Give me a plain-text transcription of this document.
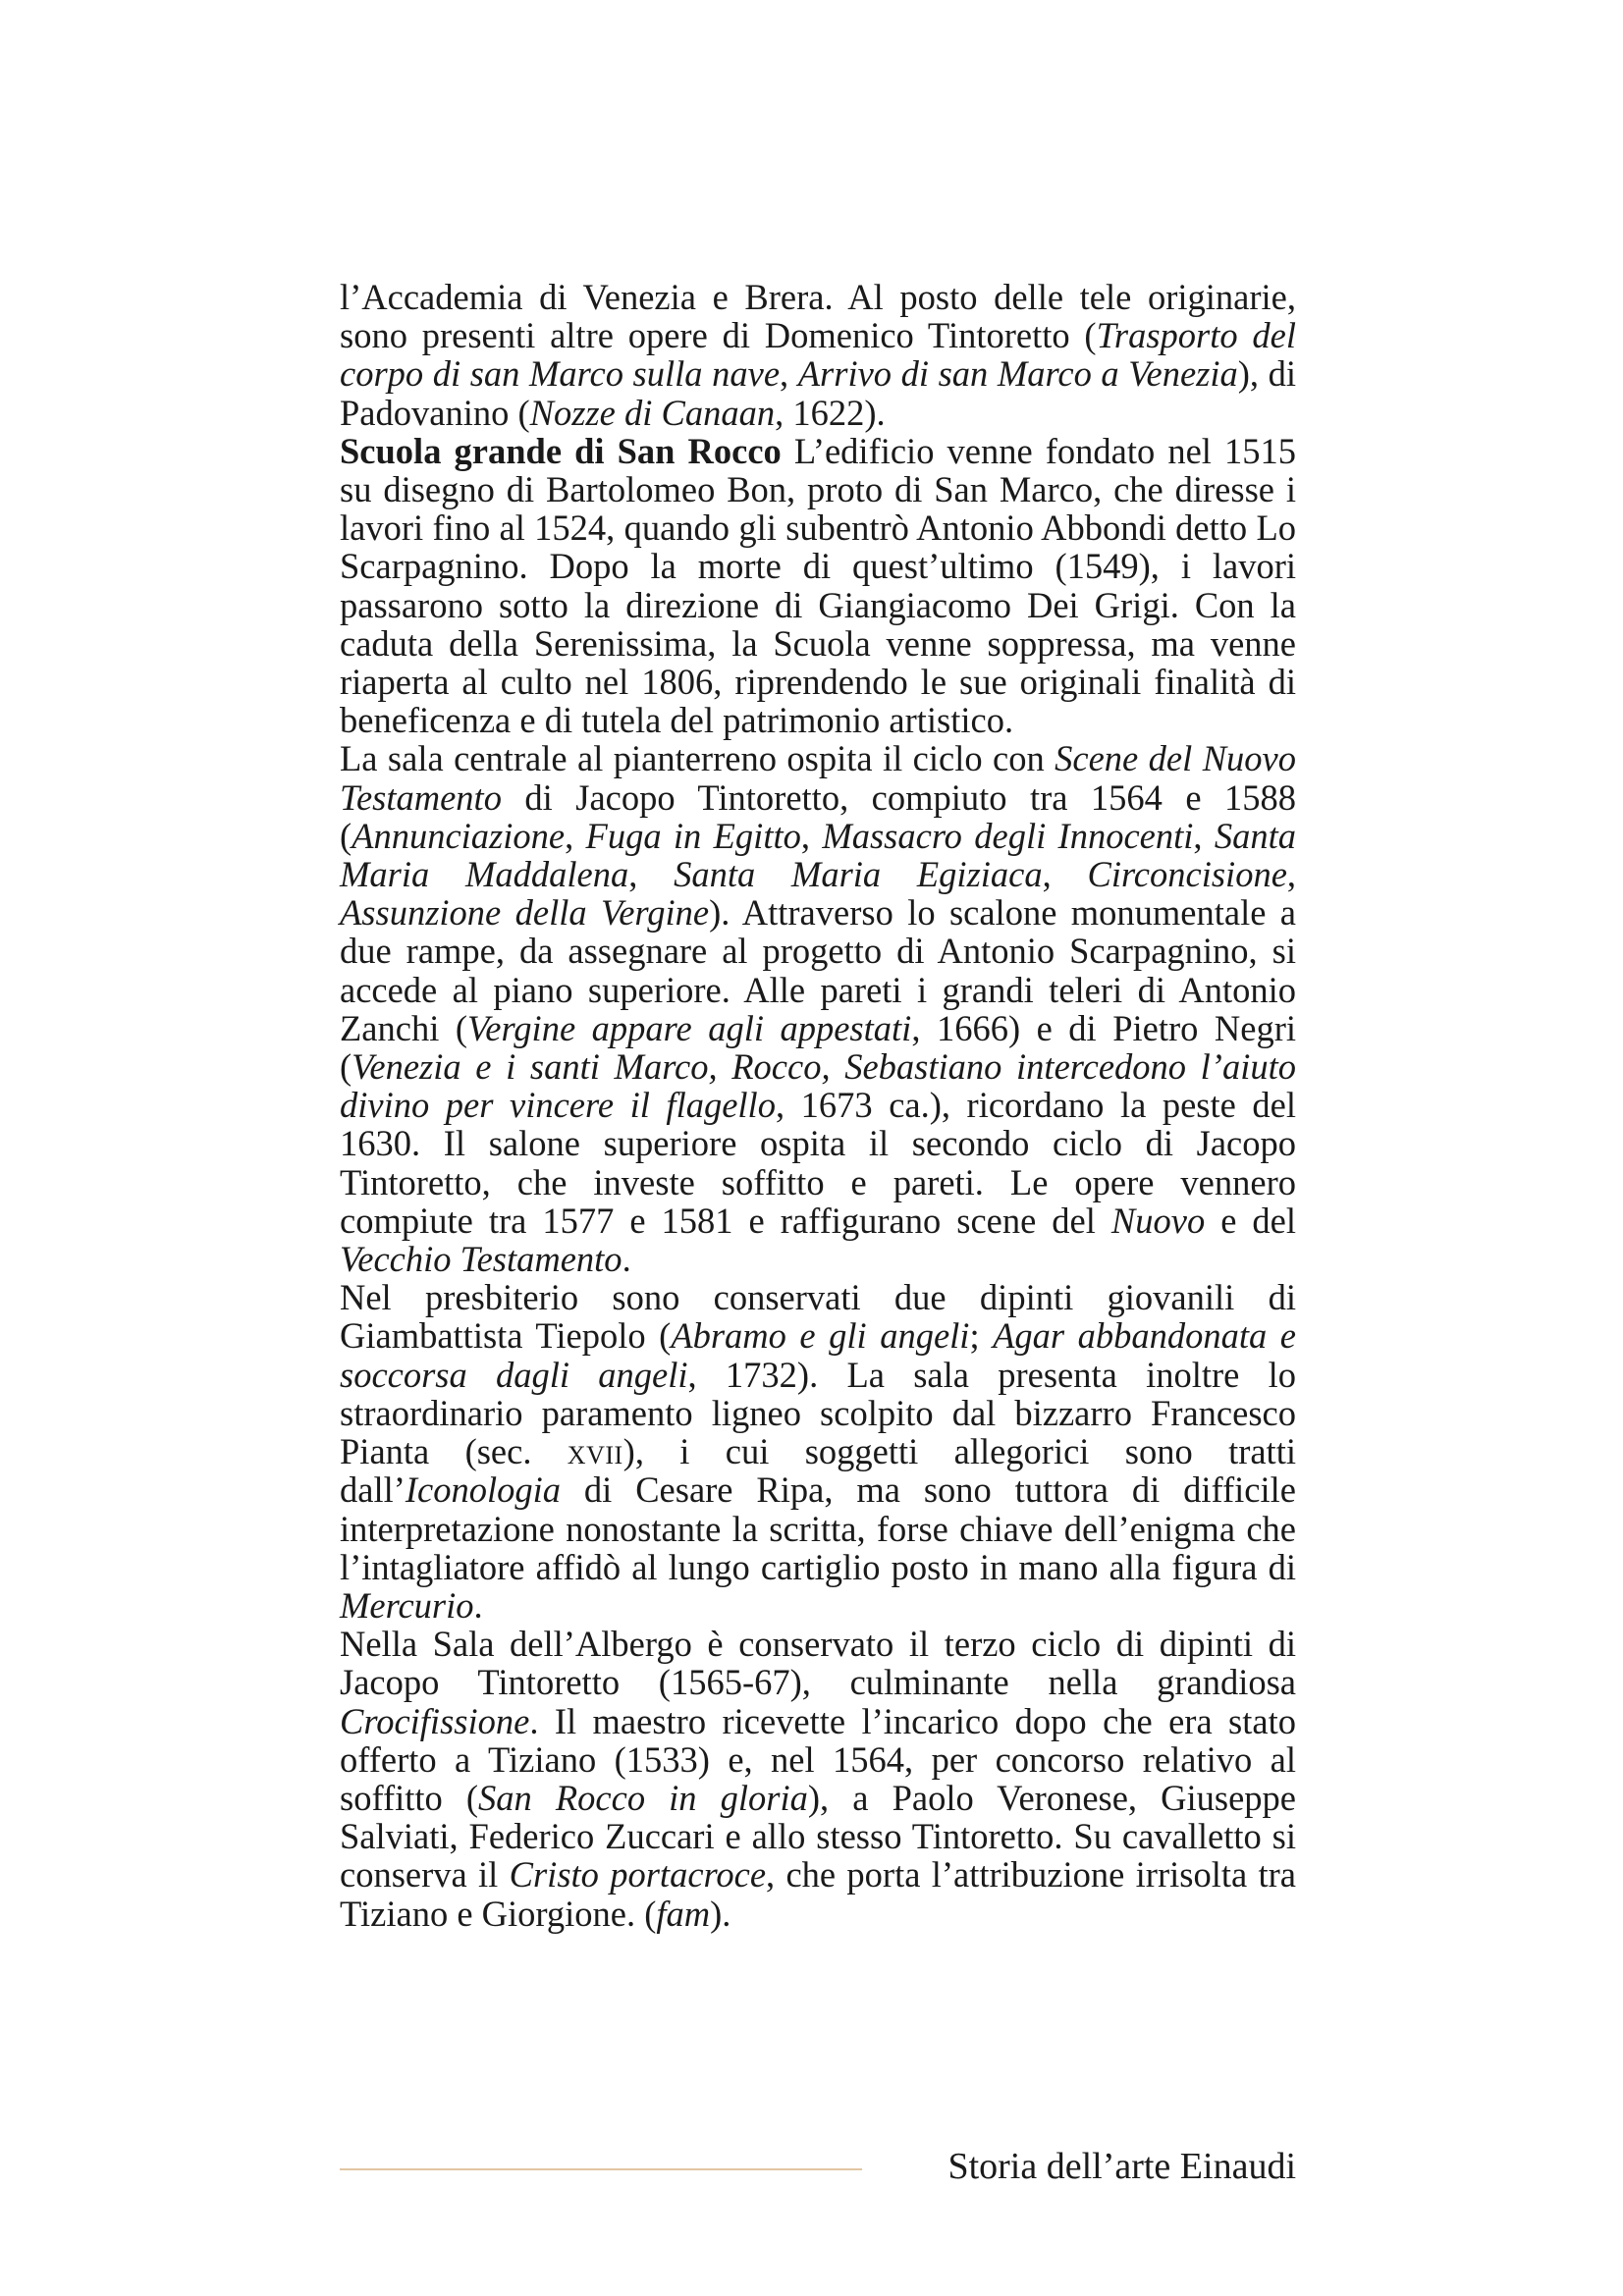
l’Accademia di Venezia e Brera. Al posto delle tele originarie, sono presenti altre opere di Domenico Tintoretto (Trasporto del corpo di san Marco sulla nave, Arrivo di san Marco a Venezia), di Padovanino (Nozze di Canaan, 1622).

Scuola grande di San Rocco L’edificio venne fondato nel 1515 su disegno di Bartolomeo Bon, proto di San Marco, che diresse i lavori fino al 1524, quando gli subentrò Antonio Abbondi detto Lo Scarpagnino. Dopo la morte di quest’ultimo (1549), i lavori passarono sotto la direzione di Giangiacomo Dei Grigi. Con la caduta della Serenissima, la Scuola venne soppressa, ma venne riaperta al culto nel 1806, riprendendo le sue originali finalità di beneficenza e di tutela del patrimonio artistico.

La sala centrale al pianterreno ospita il ciclo con Scene del Nuovo Testamento di Jacopo Tintoretto, compiuto tra 1564 e 1588 (Annunciazione, Fuga in Egitto, Massacro degli Innocenti, Santa Maria Maddalena, Santa Maria Egiziaca, Circoncisione, Assunzione della Vergine). Attraverso lo scalone monumentale a due rampe, da assegnare al progetto di Antonio Scarpagnino, si accede al piano superiore. Alle pareti i grandi teleri di Antonio Zanchi (Vergine appare agli appestati, 1666) e di Pietro Negri (Venezia e i santi Marco, Rocco, Sebastiano intercedono l’aiuto divino per vincere il flagello, 1673 ca.), ricordano la peste del 1630. Il salone superiore ospita il secondo ciclo di Jacopo Tintoretto, che investe soffitto e pareti. Le opere vennero compiute tra 1577 e 1581 e raffigurano scene del Nuovo e del Vecchio Testamento.

Nel presbiterio sono conservati due dipinti giovanili di Giambattista Tiepolo (Abramo e gli angeli; Agar abbandonata e soccorsa dagli angeli, 1732). La sala presenta inoltre lo straordinario paramento ligneo scolpito dal bizzarro Francesco Pianta (sec. xvii), i cui soggetti allegorici sono tratti dall’Iconologia di Cesare Ripa, ma sono tuttora di difficile interpretazione nonostante la scritta, forse chiave dell’enigma che l’intagliatore affidò al lungo cartiglio posto in mano alla figura di Mercurio.

Nella Sala dell’Albergo è conservato il terzo ciclo di dipinti di Jacopo Tintoretto (1565-67), culminante nella grandiosa Crocifissione. Il maestro ricevette l’incarico dopo che era stato offerto a Tiziano (1533) e, nel 1564, per concorso relativo al soffitto (San Rocco in gloria), a Paolo Veronese, Giuseppe Salviati, Federico Zuccari e allo stesso Tintoretto. Su cavalletto si conserva il Cristo portacroce, che porta l’attribuzione irrisolta tra Tiziano e Giorgione. (fam).

Storia dell’arte Einaudi
